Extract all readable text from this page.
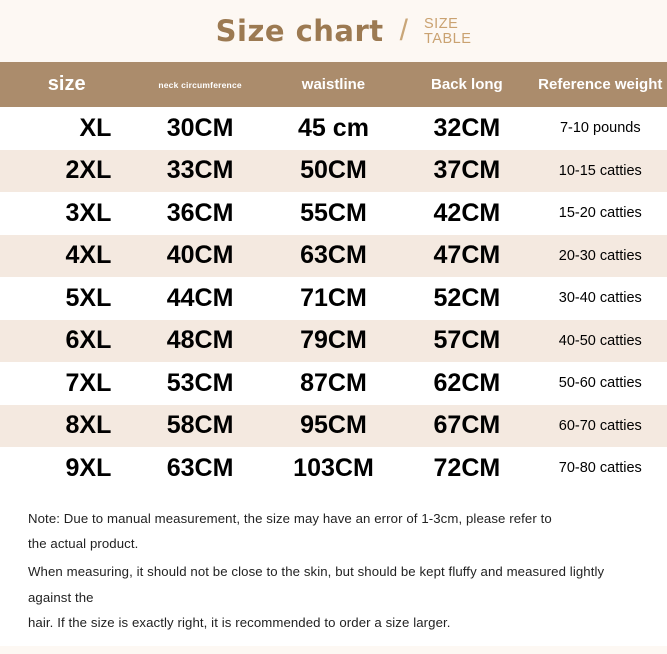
Size chart / SIZE
TABLE
size	neck circumference	waistline	Back long	Reference weight
XL	30CM	45 cm	32CM	7-10 pounds
2XL	33CM	50CM	37CM	10-15 catties
3XL	36CM	55CM	42CM	15-20 catties
4XL	40CM	63CM	47CM	20-30 catties
5XL	44CM	71CM	52CM	30-40 catties
6XL	48CM	79CM	57CM	40-50 catties
7XL	53CM	87CM	62CM	50-60 catties
8XL	58CM	95CM	67CM	60-70 catties
9XL	63CM	103CM	72CM	70-80 catties
Note: Due to manual measurement, the size may have an error of 1-3cm, please refer to
the actual product.
When measuring, it should not be close to the skin, but should be kept fluffy and measured lightly against the
hair. If the size is exactly right, it is recommended to order a size larger.
